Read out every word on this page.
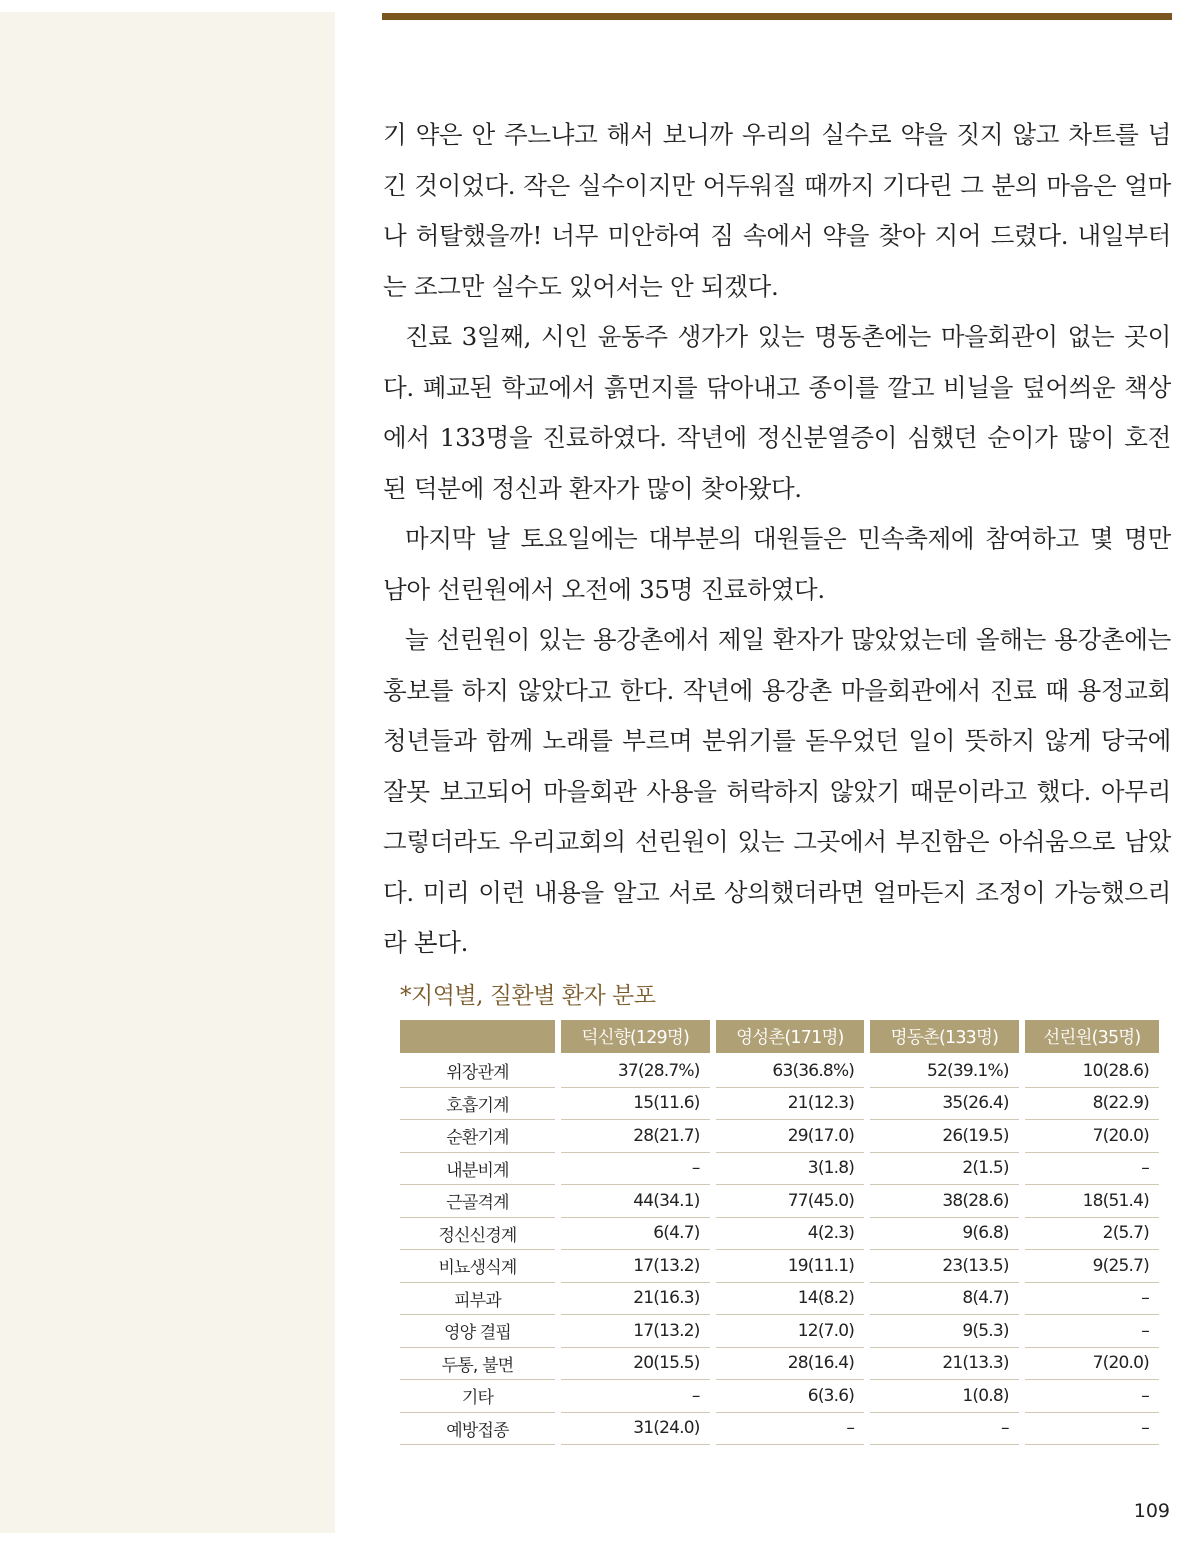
기 약은 안 주느냐고 해서 보니까 우리의 실수로 약을 짓지 않고 차트를 넘긴 것이었다. 작은 실수이지만 어두워질 때까지 기다린 그 분의 마음은 얼마나 허탈했을까! 너무 미안하여 짐 속에서 약을 찾아 지어 드렸다. 내일부터는 조그만 실수도 있어서는 안 되겠다.

진료 3일째, 시인 윤동주 생가가 있는 명동촌에는 마을회관이 없는 곳이다. 폐교된 학교에서 흙먼지를 닦아내고 종이를 깔고 비닐을 덮어씌운 책상에서 133명을 진료하였다. 작년에 정신분열증이 심했던 순이가 많이 호전된 덕분에 정신과 환자가 많이 찾아왔다.

마지막 날 토요일에는 대부분의 대원들은 민속축제에 참여하고 몇 명만 남아 선린원에서 오전에 35명 진료하였다.

늘 선린원이 있는 용강촌에서 제일 환자가 많았었는데 올해는 용강촌에는 홍보를 하지 않았다고 한다. 작년에 용강촌 마을회관에서 진료 때 용정교회 청년들과 함께 노래를 부르며 분위기를 돋우었던 일이 뜻하지 않게 당국에 잘못 보고되어 마을회관 사용을 허락하지 않았기 때문이라고 했다. 아무리 그렇더라도 우리교회의 선린원이 있는 그곳에서 부진함은 아쉬움으로 남았다. 미리 이런 내용을 알고 서로 상의했더라면 얼마든지 조정이 가능했으리라 본다.

*지역별, 질환별 환자 분포
	덕신향(129명)	영성촌(171명)	명동촌(133명)	선린원(35명)
위장관계	37(28.7%)	63(36.8%)	52(39.1%)	10(28.6)
호흡기계	15(11.6)	21(12.3)	35(26.4)	8(22.9)
순환기계	28(21.7)	29(17.0)	26(19.5)	7(20.0)
내분비계	–	3(1.8)	2(1.5)	–
근골격계	44(34.1)	77(45.0)	38(28.6)	18(51.4)
정신신경계	6(4.7)	4(2.3)	9(6.8)	2(5.7)
비뇨생식계	17(13.2)	19(11.1)	23(13.5)	9(25.7)
피부과	21(16.3)	14(8.2)	8(4.7)	–
영양 결핍	17(13.2)	12(7.0)	9(5.3)	–
두통, 불면	20(15.5)	28(16.4)	21(13.3)	7(20.0)
기타	–	6(3.6)	1(0.8)	–
예방접종	31(24.0)	–	–	–
109
